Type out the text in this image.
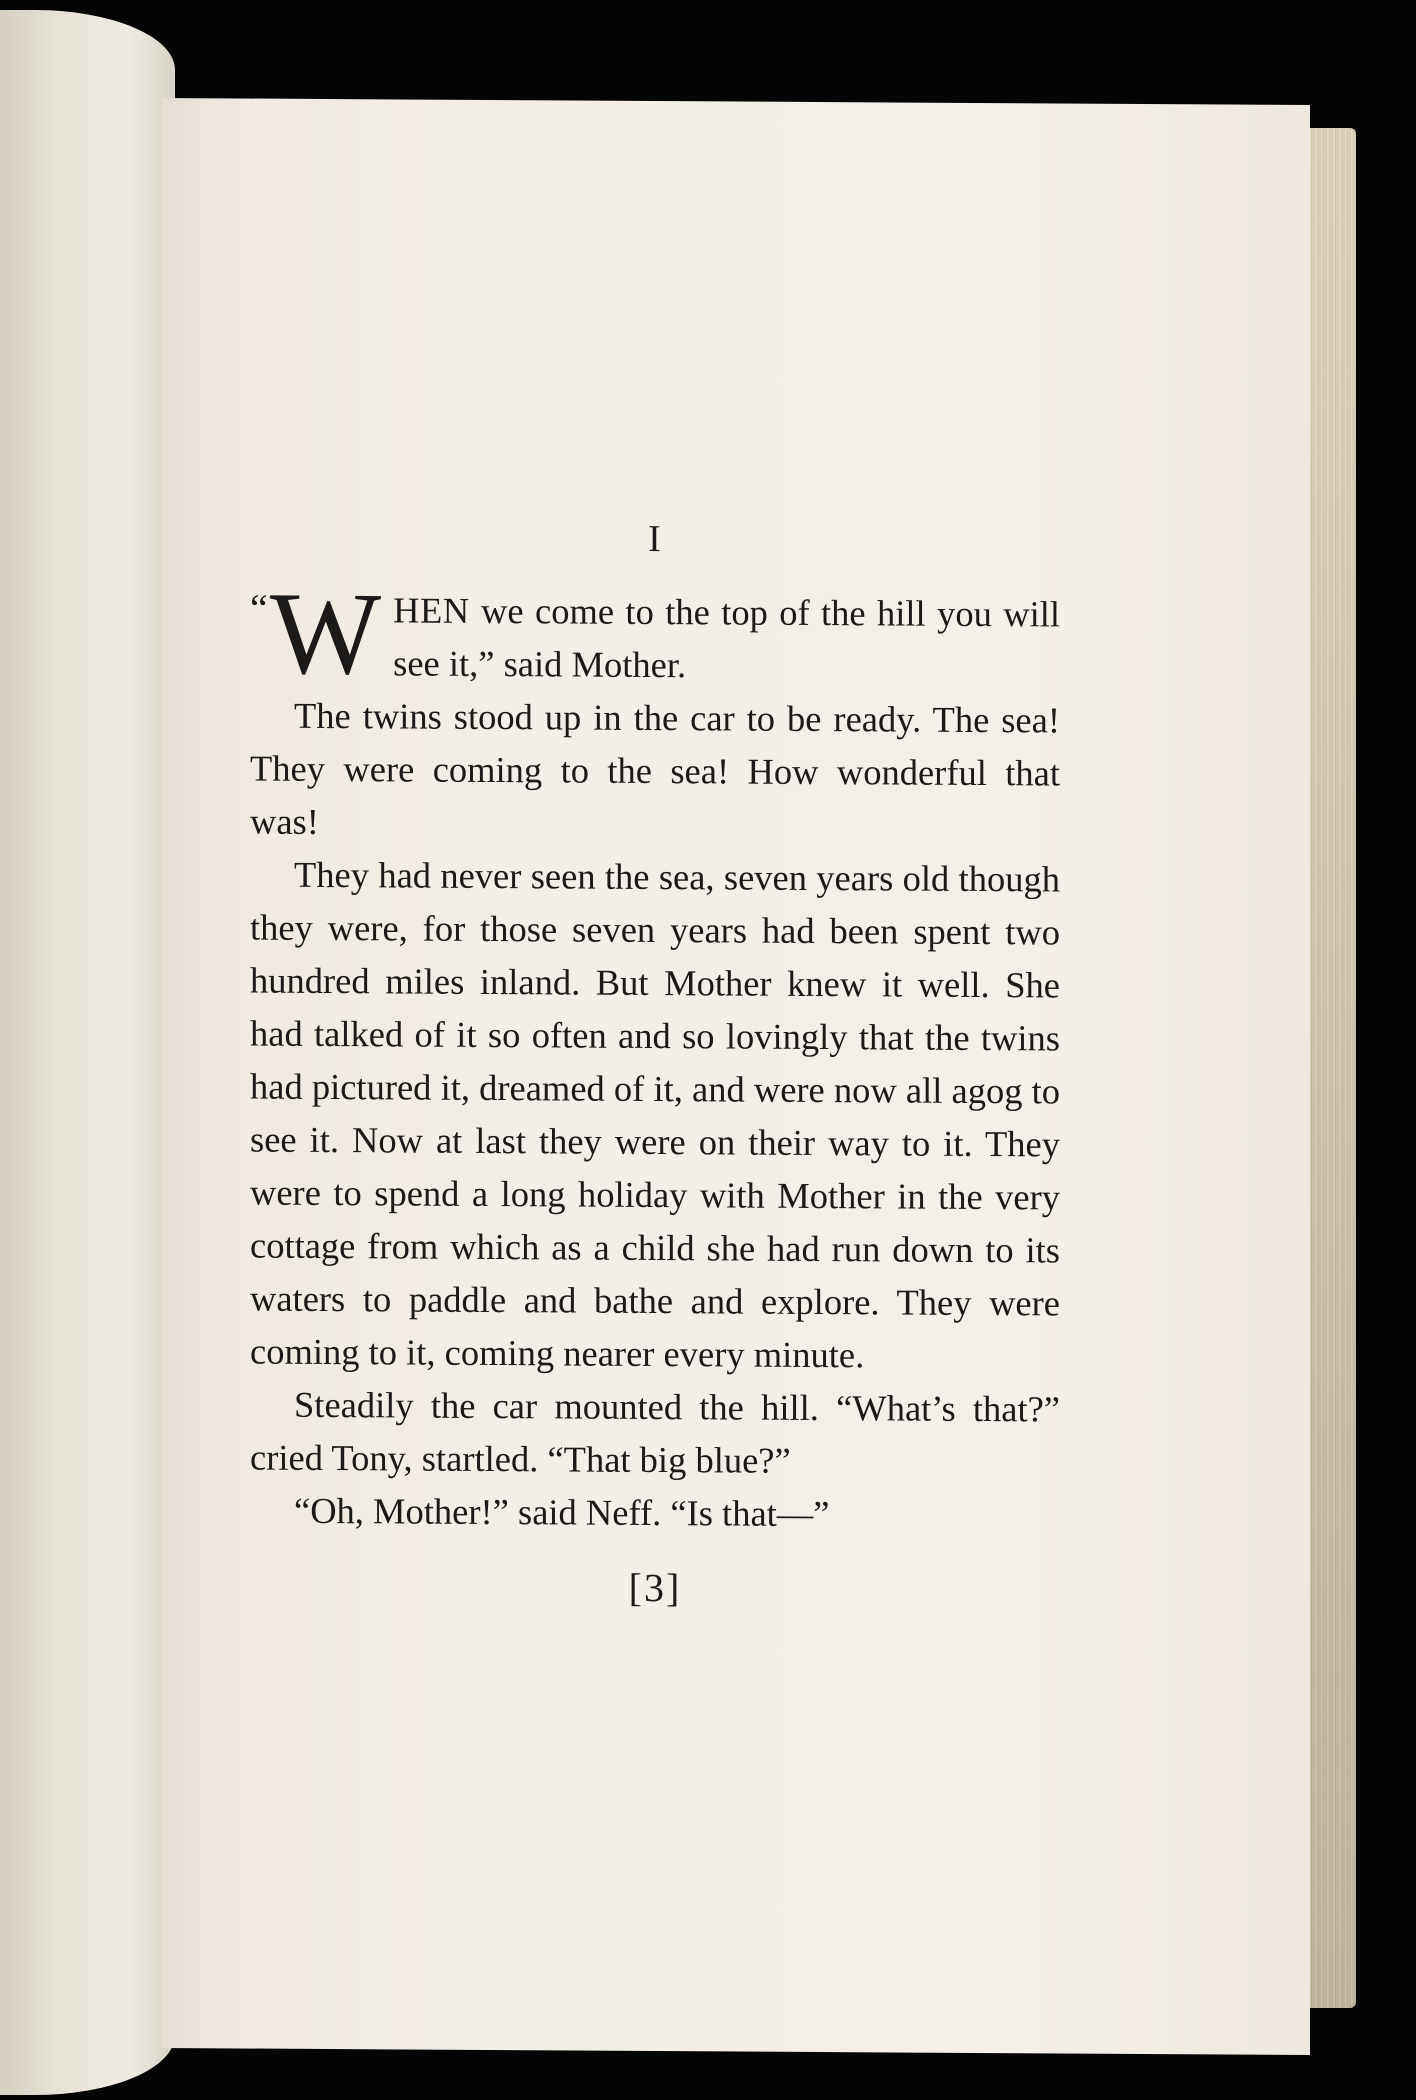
I

“ W HEN we come to the top of the hill you will see it,” said Mother.

The twins stood up in the car to be ready. The sea! They were coming to the sea! How wonderful that was!

They had never seen the sea, seven years old though they were, for those seven years had been spent two hundred miles inland. But Mother knew it well. She had talked of it so often and so lovingly that the twins had pictured it, dreamed of it, and were now all agog to see it. Now at last they were on their way to it. They were to spend a long holiday with Mother in the very cottage from which as a child she had run down to its waters to paddle and bathe and explore. They were coming to it, coming nearer every minute.

Steadily the car mounted the hill. “What’s that?” cried Tony, startled. “That big blue?”

“Oh, Mother!” said Neff. “Is that—”

[3]
